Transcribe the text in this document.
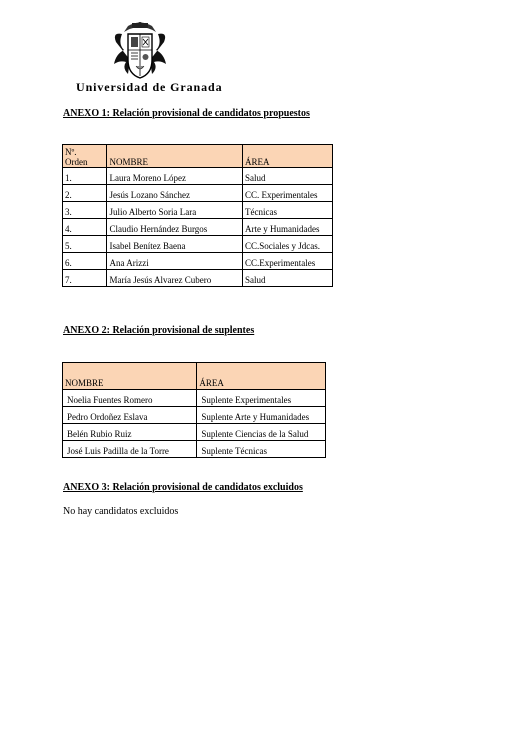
Universidad de Granada
ANEXO 1: Relación provisional de candidatos propuestos
Nº.
Orden	NOMBRE	ÁREA
1.	Laura Moreno López	Salud
2.	Jesús Lozano Sánchez	CC. Experimentales
3.	Julio Alberto Soria Lara	Técnicas
4.	Claudio Hernández Burgos	Arte y Humanidades
5.	Isabel Benítez Baena	CC.Sociales y Jdcas.
6.	Ana Arizzi	CC.Experimentales
7.	María Jesús Alvarez Cubero	Salud
ANEXO 2: Relación provisional de suplentes
NOMBRE	ÁREA
Noelia Fuentes Romero	Suplente Experimentales
Pedro Ordoñez Eslava	Suplente Arte y Humanidades
Belén Rubio Ruiz	Suplente Ciencias de la Salud
José Luis Padilla de la Torre	Suplente Técnicas
ANEXO 3: Relación provisional de candidatos excluidos
No hay candidatos excluidos
